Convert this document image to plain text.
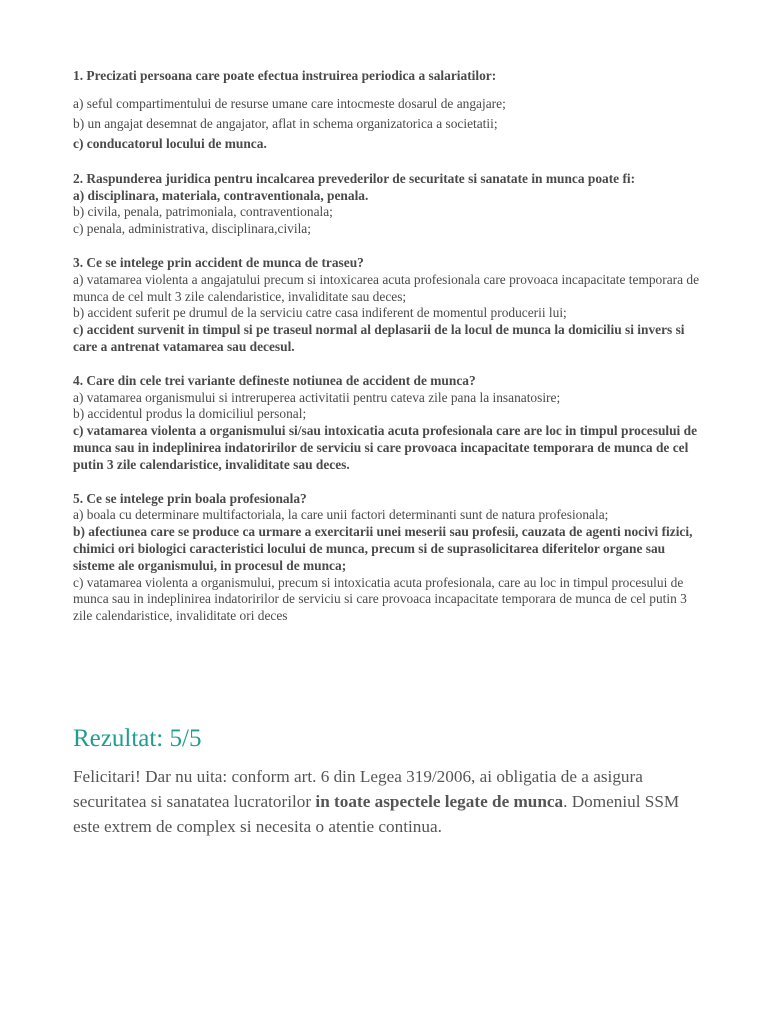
1. Precizati persoana care poate efectua instruirea periodica a salariatilor:
a) seful compartimentului de resurse umane care intocmeste dosarul de angajare;
b) un angajat desemnat de angajator, aflat in schema organizatorica a societatii;
c) conducatorul locului de munca.
2. Raspunderea juridica pentru incalcarea prevederilor de securitate si sanatate in munca poate fi:
a) disciplinara, materiala, contraventionala, penala.
b) civila, penala, patrimoniala, contraventionala;
c) penala, administrativa, disciplinara,civila;
3. Ce se intelege prin accident de munca de traseu?
a) vatamarea violenta a angajatului precum si intoxicarea acuta profesionala care provoaca incapacitate temporara de munca de cel mult 3 zile calendaristice, invaliditate sau deces;
b) accident suferit pe drumul de la serviciu catre casa indiferent de momentul producerii lui;
c) accident survenit in timpul si pe traseul normal al deplasarii de la locul de munca la domiciliu si invers si care a antrenat vatamarea sau decesul.
4. Care din cele trei variante defineste notiunea de accident de munca?
a) vatamarea organismului si intreruperea activitatii pentru cateva zile pana la insanatosire;
b) accidentul produs la domiciliul personal;
c) vatamarea violenta a organismului si/sau intoxicatia acuta profesionala care are loc in timpul procesului de munca sau in indeplinirea indatoririlor de serviciu si care provoaca incapacitate temporara de munca de cel putin 3 zile calendaristice, invaliditate sau deces.
5. Ce se intelege prin boala profesionala?
a) boala cu determinare multifactoriala, la care unii factori determinanti sunt de natura profesionala;
b) afectiunea care se produce ca urmare a exercitarii unei meserii sau profesii, cauzata de agenti nocivi fizici, chimici ori biologici caracteristici locului de munca, precum si de suprasolicitarea diferitelor organe sau sisteme ale organismului, in procesul de munca;
c) vatamarea violenta a organismului, precum si intoxicatia acuta profesionala, care au loc in timpul procesului de munca sau in indeplinirea indatoririlor de serviciu si care provoaca incapacitate temporara de munca de cel putin 3 zile calendaristice, invaliditate ori deces
Rezultat: 5/5
Felicitari! Dar nu uita: conform art. 6 din Legea 319/2006, ai obligatia de a asigura securitatea si sanatatea lucratorilor in toate aspectele legate de munca. Domeniul SSM este extrem de complex si necesita o atentie continua.
